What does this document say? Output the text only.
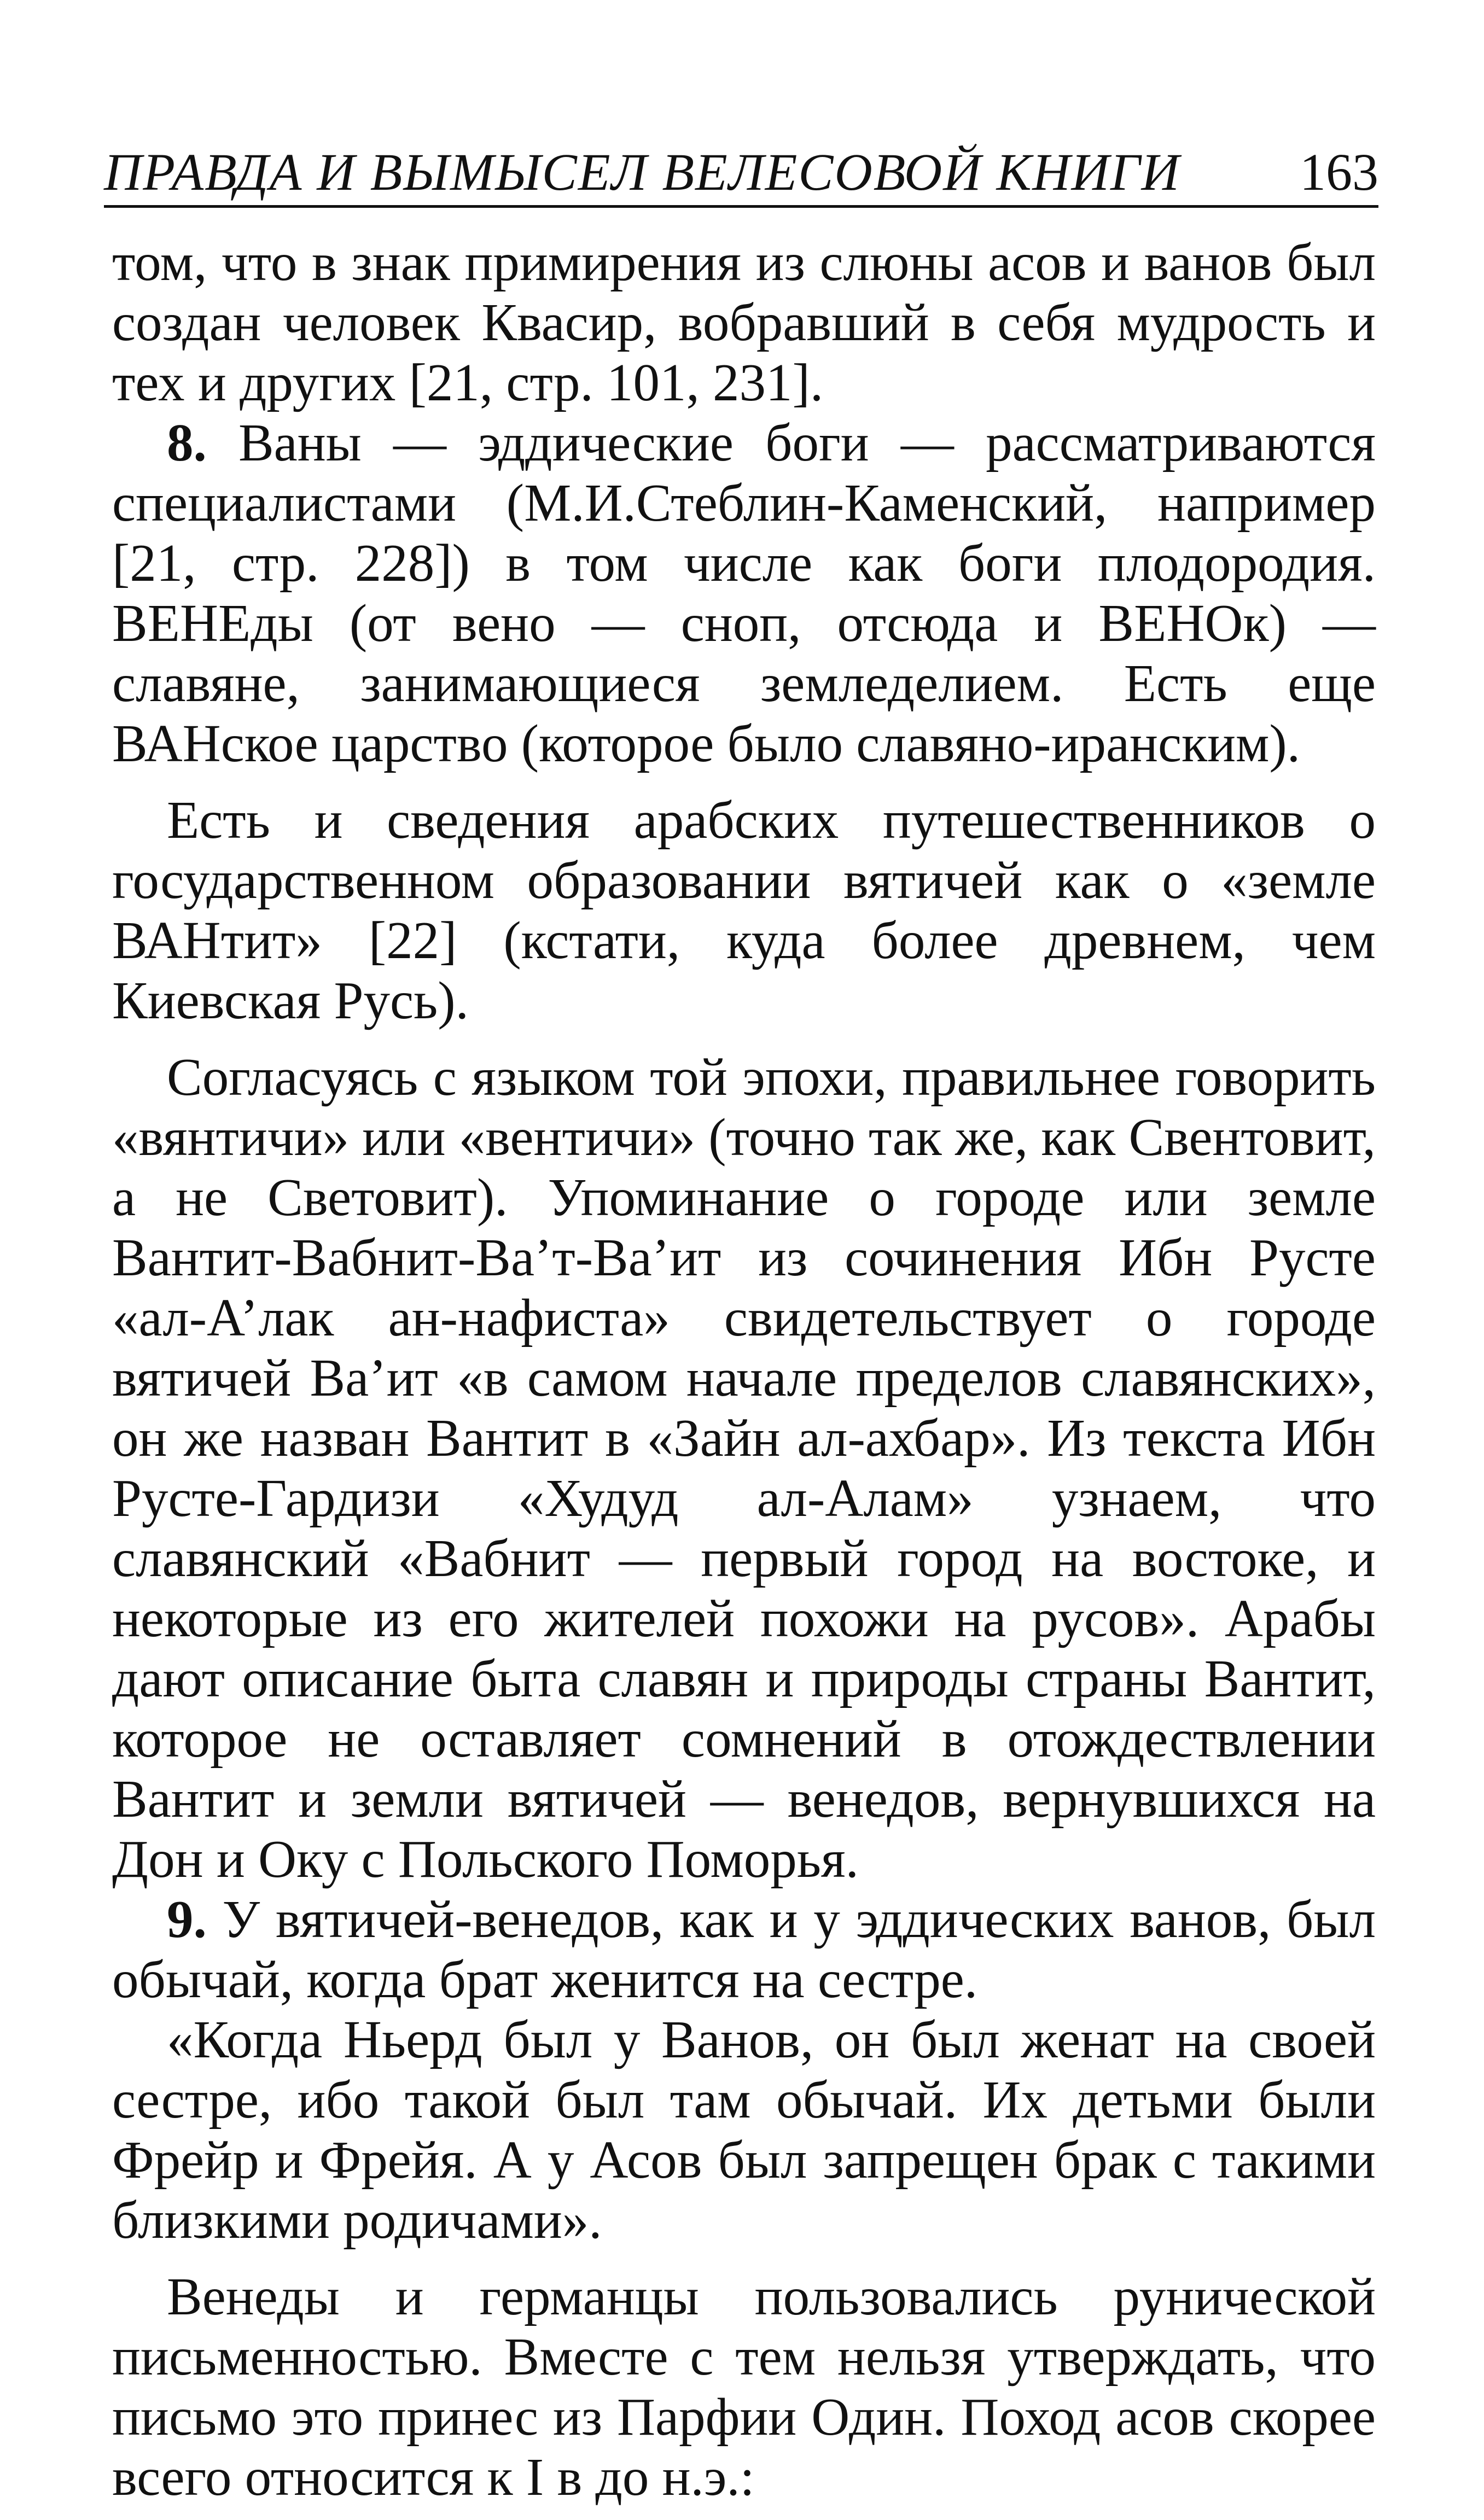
ПРАВДА И ВЫМЫСЕЛ ВЕЛЕСОВОЙ КНИГИ 163

том, что в знак примирения из слюны асов и ванов был создан человек Квасир, вобравший в себя мудрость и тех и других [21, стр. 101, 231].

8. Ваны — эддические боги — рассматриваются специалистами (М.И.Стеблин-Каменский, например [21, стр. 228]) в том числе как боги плодородия. ВЕНЕды (от вено — сноп, отсюда и ВЕНОк) — славяне, занимающиеся земледелием. Есть еще ВАНское царство (которое было славяно-иранским).

Есть и сведения арабских путешественников о государственном образовании вятичей как о «земле ВАНтит» [22] (кстати, куда более древнем, чем Киевская Русь).

Согласуясь с языком той эпохи, правильнее говорить «вянтичи» или «вентичи» (точно так же, как Свентовит, а не Световит). Упоминание о городе или земле Вантит-Вабнит-Ва’т-Ва’ит из сочинения Ибн Русте «ал-А’лак ан-нафиста» свидетельствует о городе вятичей Ва’ит «в самом начале пределов славянских», он же назван Вантит в «Зайн ал-ахбар». Из текста Ибн Русте-Гардизи «Худуд ал-Алам» узнаем, что славянский «Вабнит — первый город на востоке, и некоторые из его жителей похожи на русов». Арабы дают описание быта славян и природы страны Вантит, которое не оставляет сомнений в отождествлении Вантит и земли вятичей — венедов, вернувшихся на Дон и Оку с Польского Поморья.

9. У вятичей-венедов, как и у эддических ванов, был обычай, когда брат женится на сестре.

«Когда Ньерд был у Ванов, он был женат на своей сестре, ибо такой был там обычай. Их детьми были Фрейр и Фрейя. А у Асов был запрещен брак с такими близкими родичами».

Венеды и германцы пользовались рунической письменностью. Вместе с тем нельзя утверждать, что письмо это принес из Парфии Один. Поход асов скорее всего относится к I в до н.э.:
